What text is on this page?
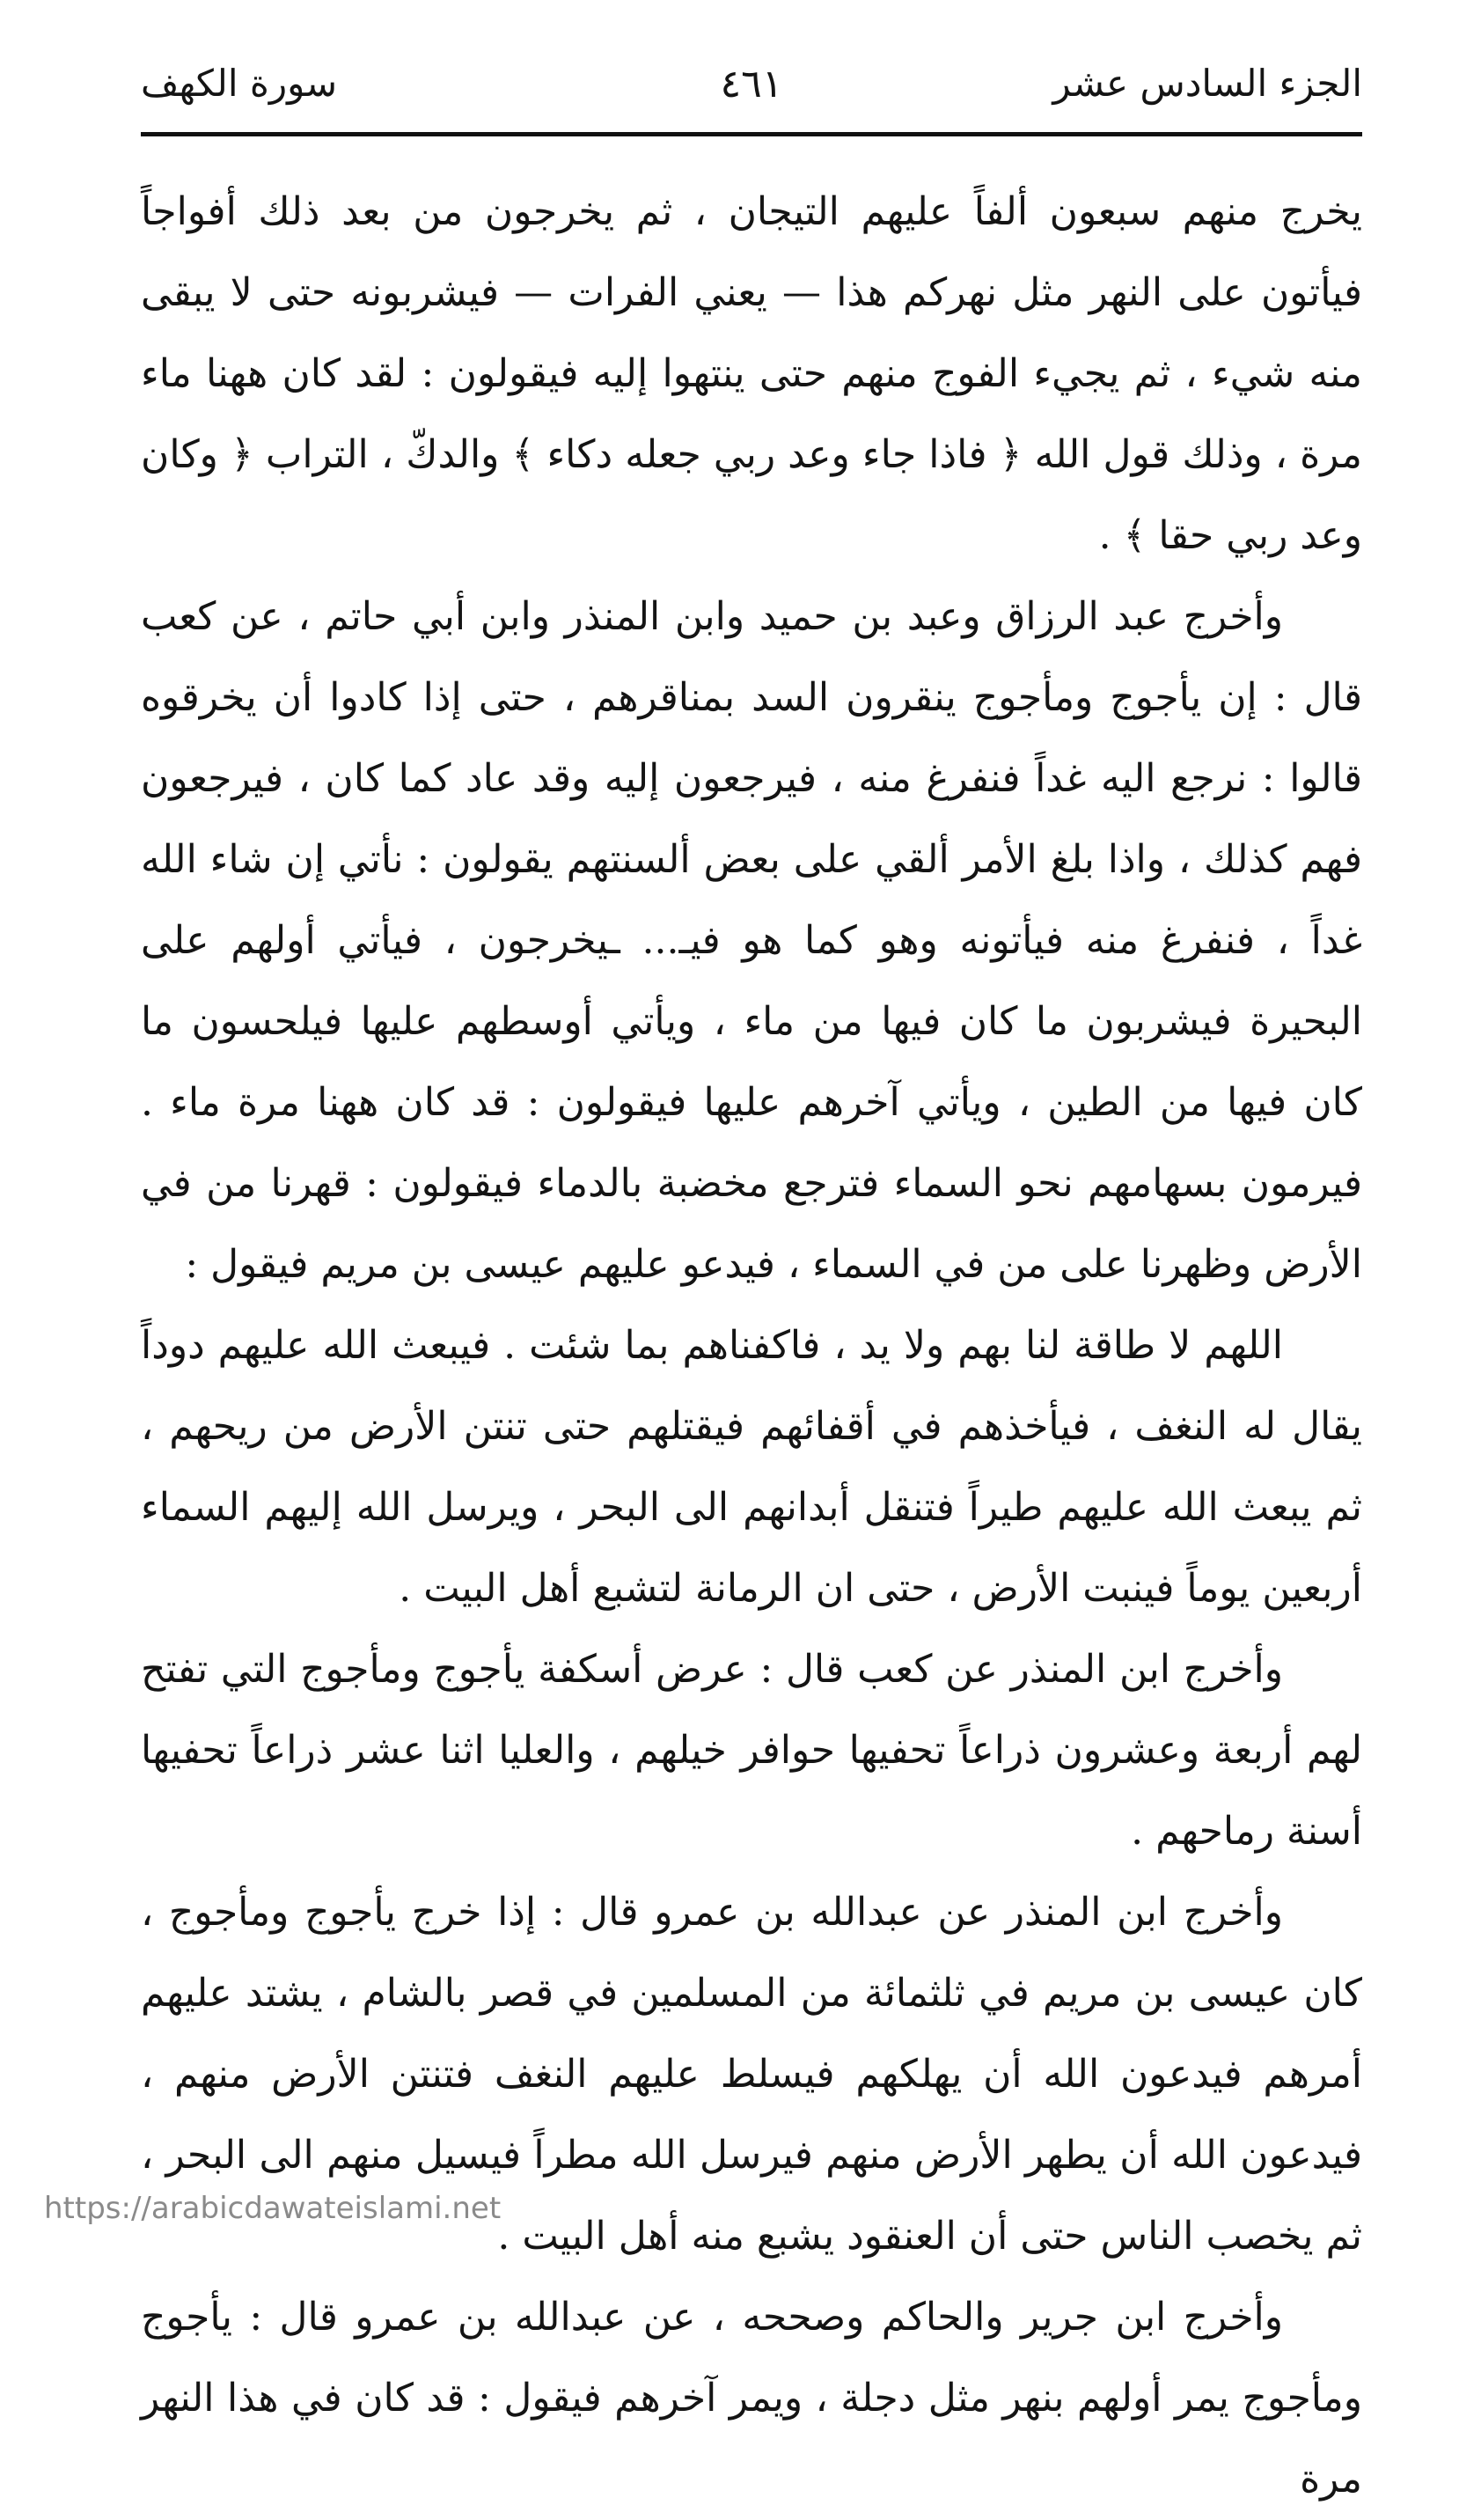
الجزء السادس عشر
٤٦١
سورة الكهف

يخرج منهم سبعون ألفاً عليهم التيجان ، ثم يخرجون من بعد ذلك أفواجاً فيأتون على النهر مثل نهركم هذا — يعني الفرات — فيشربونه حتى لا يبقى منه شيء ، ثم يجيء الفوج منهم حتى ينتهوا إليه فيقولون : لقد كان ههنا ماء مرة ، وذلك قول الله ﴿ فاذا جاء وعد ربي جعله دكاء ﴾ والدكّ ، التراب ﴿ وكان وعد ربي حقا ﴾ .

وأخرج عبد الرزاق وعبد بن حميد وابن المنذر وابن أبي حاتم ، عن كعب قال : إن يأجوج ومأجوج ينقرون السد بمناقرهم ، حتى إذا كادوا أن يخرقوه قالوا : نرجع اليه غداً فنفرغ منه ، فيرجعون إليه وقد عاد كما كان ، فيرجعون فهم كذلك ، واذا بلغ الأمر ألقي على بعض ألسنتهم يقولون : نأتي إن شاء الله غداً ، فنفرغ منه فيأتونه وهو كما هو فيـ... ـيخرجون ، فيأتي أولهم على البحيرة فيشربون ما كان فيها من ماء ، ويأتي أوسطهم عليها فيلحسون ما كان فيها من الطين ، ويأتي آخرهم عليها فيقولون : قد كان ههنا مرة ماء . فيرمون بسهامهم نحو السماء فترجع مخضبة بالدماء فيقولون : قهرنا من في الأرض وظهرنا على من في السماء ، فيدعو عليهم عيسى بن مريم فيقول :

اللهم لا طاقة لنا بهم ولا يد ، فاكفناهم بما شئت . فيبعث الله عليهم دوداً يقال له النغف ، فيأخذهم في أقفائهم فيقتلهم حتى تنتن الأرض من ريحهم ، ثم يبعث الله عليهم طيراً فتنقل أبدانهم الى البحر ، ويرسل الله إليهم السماء أربعين يوماً فينبت الأرض ، حتى ان الرمانة لتشبع أهل البيت .

وأخرج ابن المنذر عن كعب قال : عرض أسكفة يأجوج ومأجوج التي تفتح لهم أربعة وعشرون ذراعاً تحفيها حوافر خيلهم ، والعليا اثنا عشر ذراعاً تحفيها أسنة رماحهم .

وأخرج ابن المنذر عن عبدالله بن عمرو قال : إذا خرج يأجوج ومأجوج ، كان عيسى بن مريم في ثلثمائة من المسلمين في قصر بالشام ، يشتد عليهم أمرهم فيدعون الله أن يهلكهم فيسلط عليهم النغف فتنتن الأرض منهم ، فيدعون الله أن يطهر الأرض منهم فيرسل الله مطراً فيسيل منهم الى البحر ، ثم يخصب الناس حتى أن العنقود يشبع منه أهل البيت .

وأخرج ابن جرير والحاكم وصححه ، عن عبدالله بن عمرو قال : يأجوج ومأجوج يمر أولهم بنهر مثل دجلة ، ويمر آخرهم فيقول : قد كان في هذا النهر مرة

https://arabicdawateislami.net
